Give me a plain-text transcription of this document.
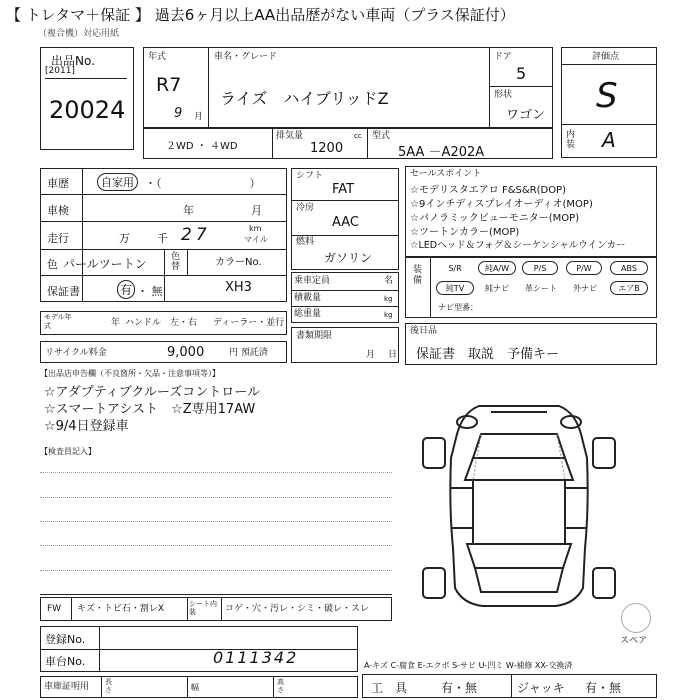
【 トレタマ＋保証 】 過去6ヶ月以上AA出品歴がない車両（プラス保証付）
（複合機）対応用紙
出品No.
[2011]
20024
年式
R7
9 月
車名・グレード
ライズ　ハイブリッドZ
ドア
5
形状
ワゴン
２WD ・ ４WD
排気量	cc
1200
型式
5AA －A202A
評価点
S
内装 A
車歴	自家用	・（　　　　　　　　）
車検	年	月
走行	万 千 27	km
マイル
色 パールツートン	色替	カラーNo.
XH3
保証書	有 ・ 無
モデル年式	年 ハンドル　左・右 ディーラー・並行
リサイクル料金	9,000	円 預託済
シフト
FAT
冷房
AAC
燃料
ガソリン
乗車定員	名
積載量	kg
総重量	kg
書類期限
月 日
セールスポイント
☆モデリスタエアロ F&S&R(DOP)
☆9インチディスプレイオーディオ(MOP)
☆パノラミックビューモニター(MOP)
☆ツートンカラー(MOP)
☆LEDヘッド＆フォグ＆シーケンシャルウインカー
装備
S/R	純A/W	P/S	P/W	ABS
純TV	純ナビ	革シート	外ナビ	エアB
ナビ型番：
後日品
保証書　取説　予備キー
【出品店申告欄（不良箇所・欠品・注意事項等）】
☆アダプティブクルーズコントロール
☆スマートアシスト　☆Z専用17AW
☆9/4日登録車
【検査員記入】
スペア
FW キズ・トビ石・割レX	シート内装	コゲ・穴・汚レ・シミ・破レ・スレ
登録No.
車台No.	0111342
車庫証明用 長さ	幅
高さ
A-キズ C-腐食 E-エクボ S-サビ U-凹ミ W-補修 XX-交換済
工　具	有・無	ジャッキ 有・無
